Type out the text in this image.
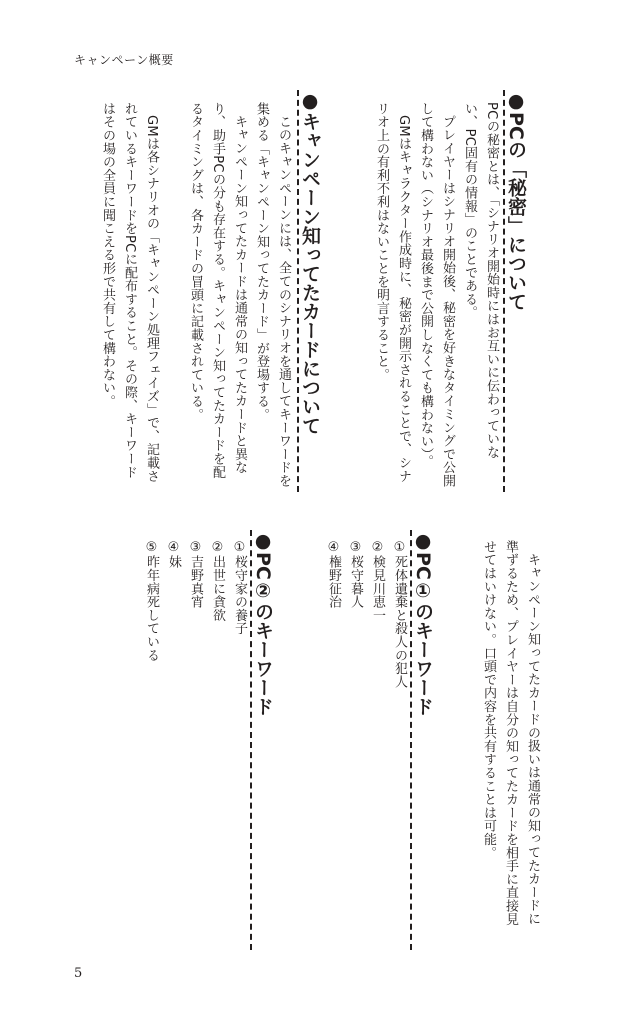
キャンペーン概要
●PCの「秘密」について
PCの秘密とは、「シナリオ開始時にはお互いに伝わっていな
い、PC固有の情報」のことである。
プレイヤーはシナリオ開始後、秘密を好きなタイミングで公開
して構わない（シナリオ最後まで公開しなくても構わない）。
GMはキャラクター作成時に、秘密が開示されることで、シナ
リオ上の有利不利はないことを明言すること。
●キャンペーン知ってたカードについて
このキャンペーンには、全てのシナリオを通してキーワードを
集める「キャンペーン知ってたカード」が登場する。
キャンペーン知ってたカードは通常の知ってたカードと異な
り、助手PCの分も存在する。キャンペーン知ってたカードを配
るタイミングは、各カードの冒頭に記載されている。
GMは各シナリオの「キャンペーン処理フェイズ」で、記載さ
れているキーワードをPCに配布すること。その際、キーワード
はその場の全員に聞こえる形で共有して構わない。
キャンペーン知ってたカードの扱いは通常の知ってたカードに
準ずるため、プレイヤーは自分の知ってたカードを相手に直接見
せてはいけない。口頭で内容を共有することは可能。
●PC①のキーワード
①死体遺棄と殺人の犯人
②検見川恵一
③桜守暮人
④権野征治
●PC②のキーワード
①桜守家の養子
②出世に貪欲
③吉野真宵
④妹
⑤昨年病死している
5
